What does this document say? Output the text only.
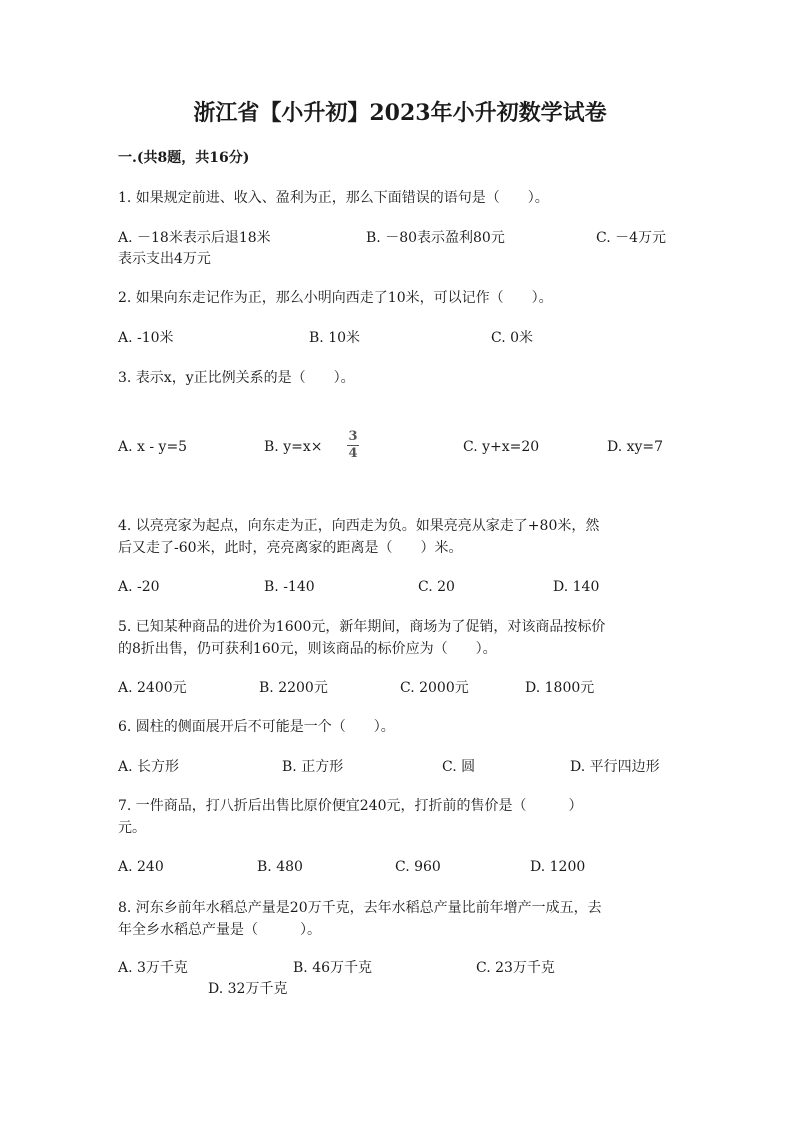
浙江省【小升初】2023年小升初数学试卷
一.(共8题，共16分)
1. 如果规定前进、收入、盈利为正，那么下面错误的语句是（　　）。
A. －18米表示后退18米	B. －80表示盈利80元	C. －4万元
表示支出4万元
2. 如果向东走记作为正，那么小明向西走了10米，可以记作（　　）。
A. -10米	B. 10米	C. 0米
3. 表示x，y正比例关系的是（　　）。
A. x - y=5	B. y=x×
3
4	C. y+x=20	D. xy=7
4. 以亮亮家为起点，向东走为正，向西走为负。如果亮亮从家走了+80米，然
后又走了-60米，此时，亮亮离家的距离是（　　）米。
A. -20	B. -140	C. 20	D. 140
5. 已知某种商品的进价为1600元，新年期间，商场为了促销，对该商品按标价
的8折出售，仍可获利160元，则该商品的标价应为（　　）。
A. 2400元	B. 2200元	C. 2000元	D. 1800元
6. 圆柱的侧面展开后不可能是一个（　　）。
A. 长方形	B. 正方形	C. 圆	D. 平行四边形
7. 一件商品，打八折后出售比原价便宜240元，打折前的售价是（　　　）
元。
A. 240	B. 480	C. 960	D. 1200
8. 河东乡前年水稻总产量是20万千克，去年水稻总产量比前年增产一成五，去
年全乡水稻总产量是（　　　）。
A. 3万千克	B. 46万千克	C. 23万千克
D. 32万千克
